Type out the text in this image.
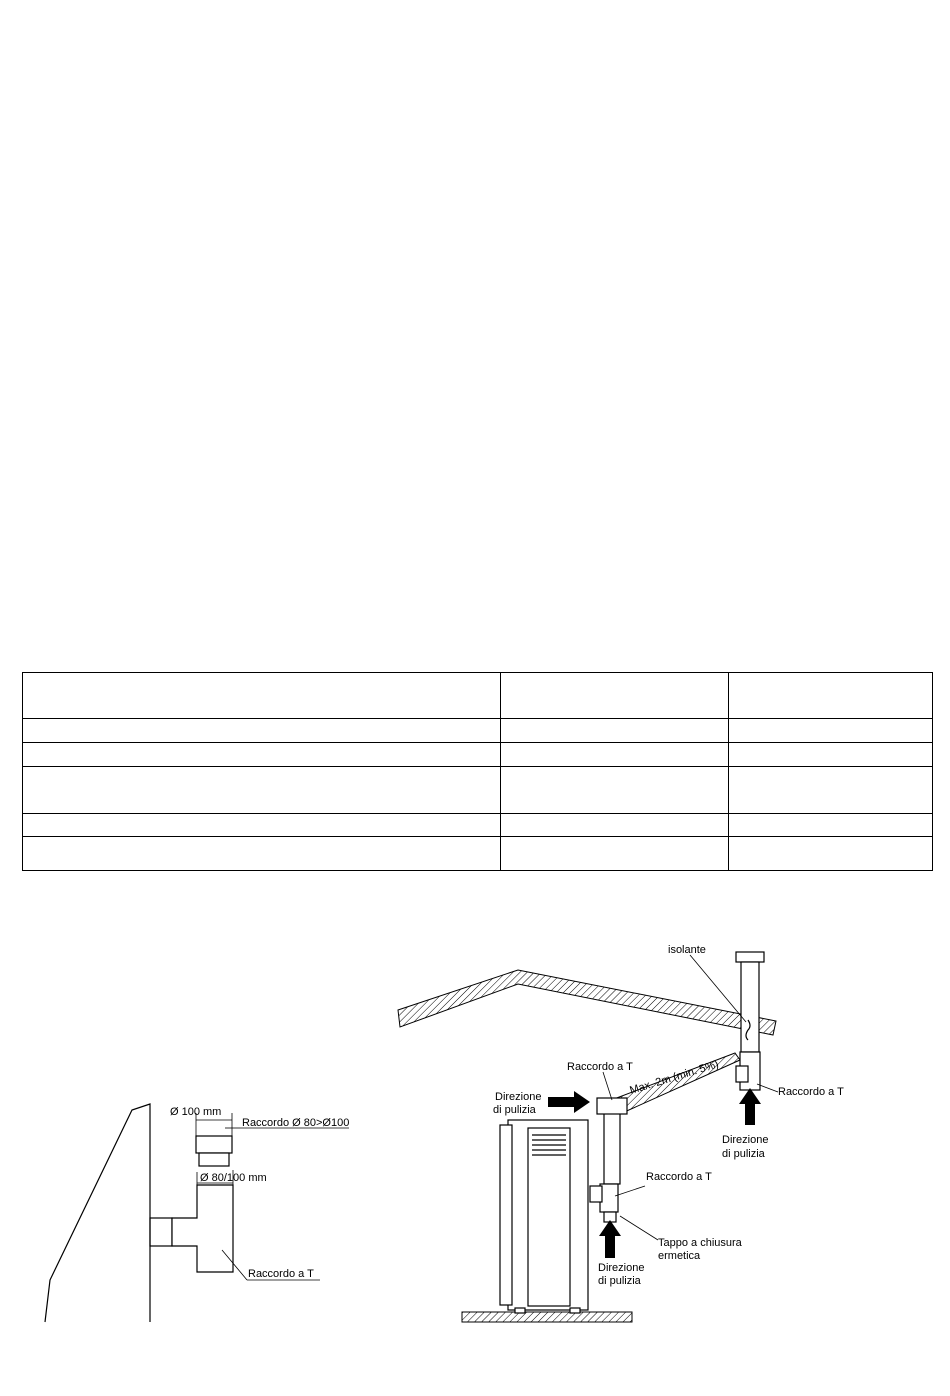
Ø 100 mm
Raccordo Ø 80>Ø100
Ø 80/100 mm
Raccordo a T
isolante
Raccordo a T
Max. 2m (min. 5%)	Raccordo a T
Direzione
di pulizia
Direzione
di pulizia
Raccordo a T
Tappo a chiusura
ermetica
Direzione
di pulizia
